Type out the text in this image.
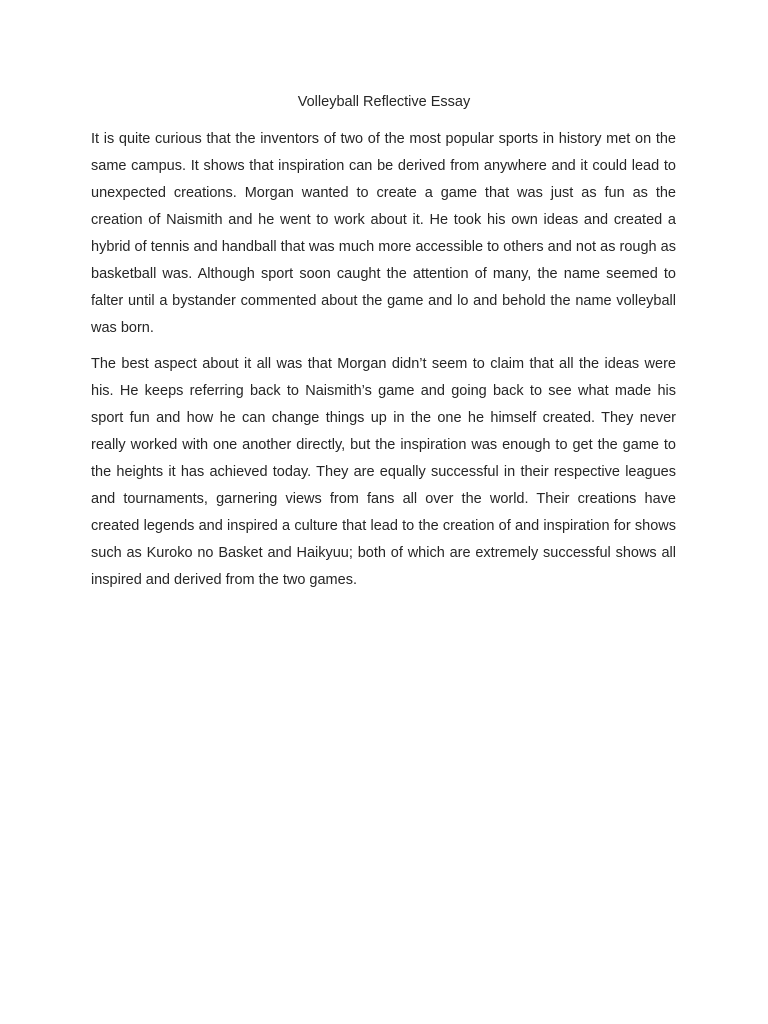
Volleyball Reflective Essay

It is quite curious that the inventors of two of the most popular sports in history met on the same campus. It shows that inspiration can be derived from anywhere and it could lead to unexpected creations. Morgan wanted to create a game that was just as fun as the creation of Naismith and he went to work about it. He took his own ideas and created a hybrid of tennis and handball that was much more accessible to others and not as rough as basketball was. Although sport soon caught the attention of many, the name seemed to falter until a bystander commented about the game and lo and behold the name volleyball was born.

The best aspect about it all was that Morgan didn’t seem to claim that all the ideas were his. He keeps referring back to Naismith’s game and going back to see what made his sport fun and how he can change things up in the one he himself created. They never really worked with one another directly, but the inspiration was enough to get the game to the heights it has achieved today. They are equally successful in their respective leagues and tournaments, garnering views from fans all over the world. Their creations have created legends and inspired a culture that lead to the creation of and inspiration for shows such as Kuroko no Basket and Haikyuu; both of which are extremely successful shows all inspired and derived from the two games.
